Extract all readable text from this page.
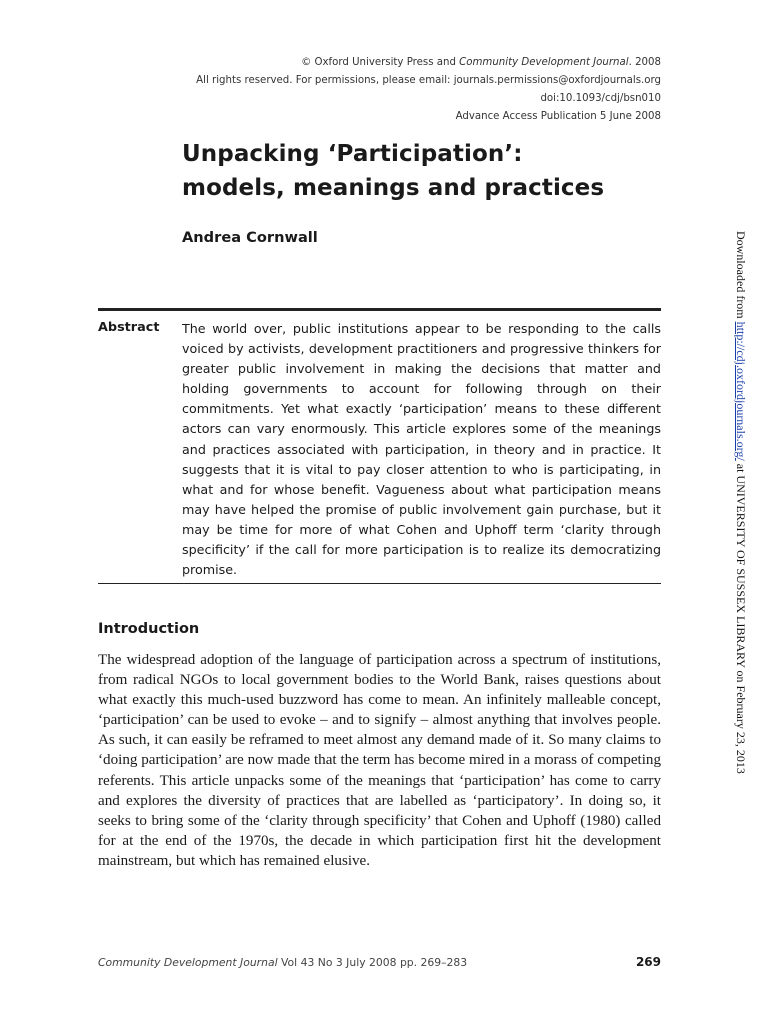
© Oxford University Press and Community Development Journal. 2008
All rights reserved. For permissions, please email: journals.permissions@oxfordjournals.org
doi:10.1093/cdj/bsn010
Advance Access Publication 5 June 2008
Unpacking ‘Participation’:
models, meanings and practices
Andrea Cornwall
Abstract The world over, public institutions appear to be responding to the calls voiced by activists, development practitioners and progressive thinkers for greater public involvement in making the decisions that matter and holding governments to account for following through on their commitments. Yet what exactly ‘participation’ means to these different actors can vary enormously. This article explores some of the meanings and practices associated with participation, in theory and in practice. It suggests that it is vital to pay closer attention to who is participating, in what and for whose benefit. Vagueness about what participation means may have helped the promise of public involvement gain purchase, but it may be time for more of what Cohen and Uphoff term ‘clarity through specificity’ if the call for more participation is to realize its democratizing promise.
Introduction
The widespread adoption of the language of participation across a spectrum of institutions, from radical NGOs to local government bodies to the World Bank, raises questions about what exactly this much-used buzzword has come to mean. An infinitely malleable concept, ‘participation’ can be used to evoke – and to signify – almost anything that involves people. As such, it can easily be reframed to meet almost any demand made of it. So many claims to ‘doing participation’ are now made that the term has become mired in a morass of competing referents. This article unpacks some of the meanings that ‘participation’ has come to carry and explores the diversity of practices that are labelled as ‘participatory’. In doing so, it seeks to bring some of the ‘clarity through specificity’ that Cohen and Uphoff (1980) called for at the end of the 1970s, the decade in which participation first hit the development mainstream, but which has remained elusive.
Community Development Journal Vol 43 No 3 July 2008 pp. 269–283	269
Downloaded from http://cdj.oxfordjournals.org/ at UNIVERSITY OF SUSSEX LIBRARY on February 23, 2013
